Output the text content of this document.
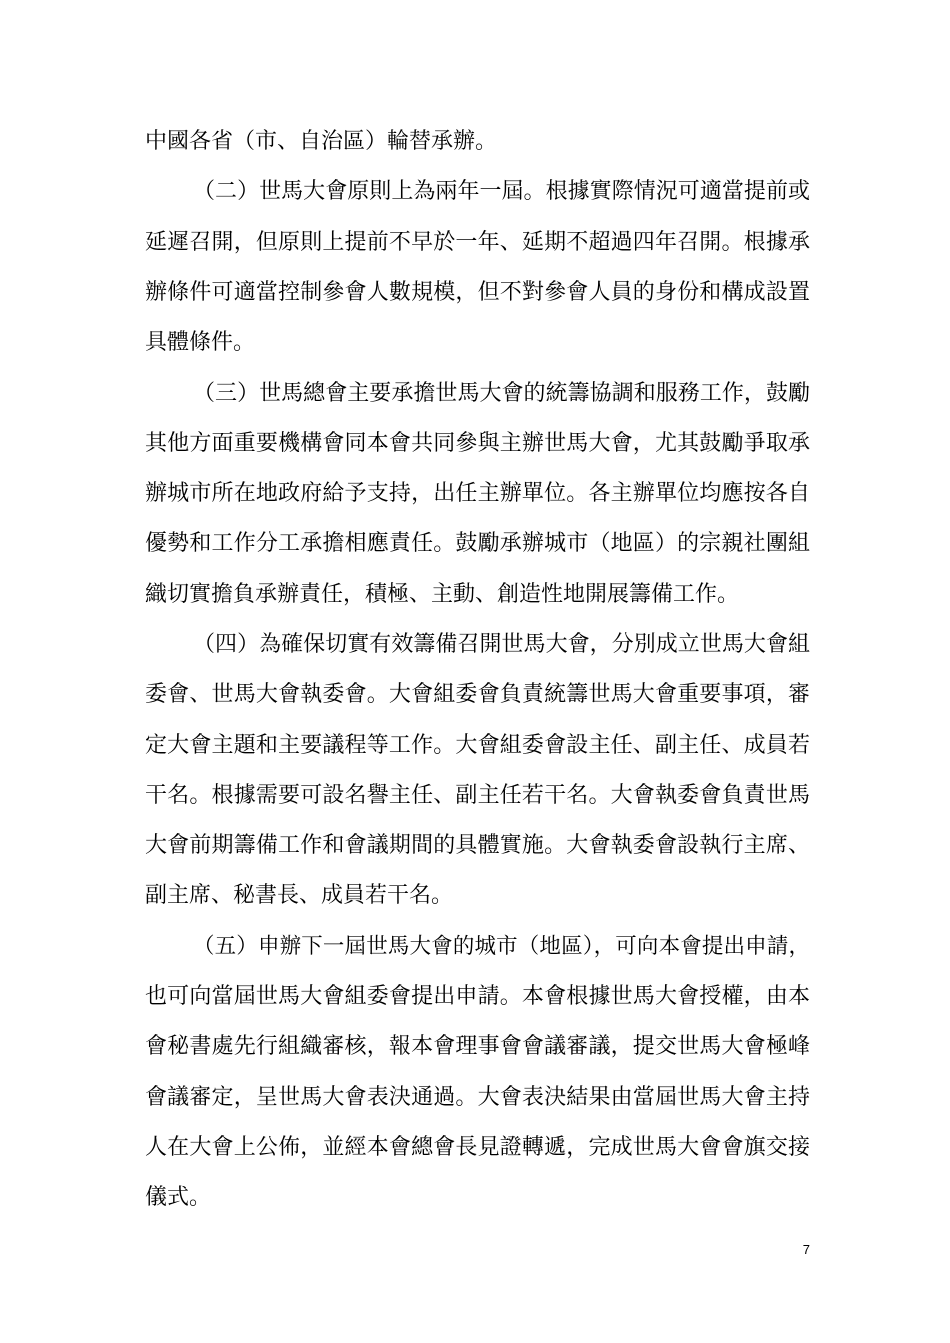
中國各省（市、自治區）輪替承辦。
（二）世馬大會原則上為兩年一屆。根據實際情況可適當提前或
延遲召開，但原則上提前不早於一年、延期不超過四年召開。根據承
辦條件可適當控制參會人數規模，但不對參會人員的身份和構成設置
具體條件。
（三）世馬總會主要承擔世馬大會的統籌協調和服務工作，鼓勵
其他方面重要機構會同本會共同參與主辦世馬大會，尤其鼓勵爭取承
辦城市所在地政府給予支持，出任主辦單位。各主辦單位均應按各自
優勢和工作分工承擔相應責任。鼓勵承辦城市（地區）的宗親社團組
織切實擔負承辦責任，積極、主動、創造性地開展籌備工作。
（四）為確保切實有效籌備召開世馬大會，分別成立世馬大會組
委會、世馬大會執委會。大會組委會負責統籌世馬大會重要事項，審
定大會主題和主要議程等工作。大會組委會設主任、副主任、成員若
干名。根據需要可設名譽主任、副主任若干名。大會執委會負責世馬
大會前期籌備工作和會議期間的具體實施。大會執委會設執行主席、
副主席、秘書長、成員若干名。
（五）申辦下一屆世馬大會的城市（地區），可向本會提出申請，
也可向當屆世馬大會組委會提出申請。本會根據世馬大會授權，由本
會秘書處先行組織審核，報本會理事會會議審議，提交世馬大會極峰
會議審定，呈世馬大會表決通過。大會表決結果由當屆世馬大會主持
人在大會上公佈，並經本會總會長見證轉遞，完成世馬大會會旗交接
儀式。
7
